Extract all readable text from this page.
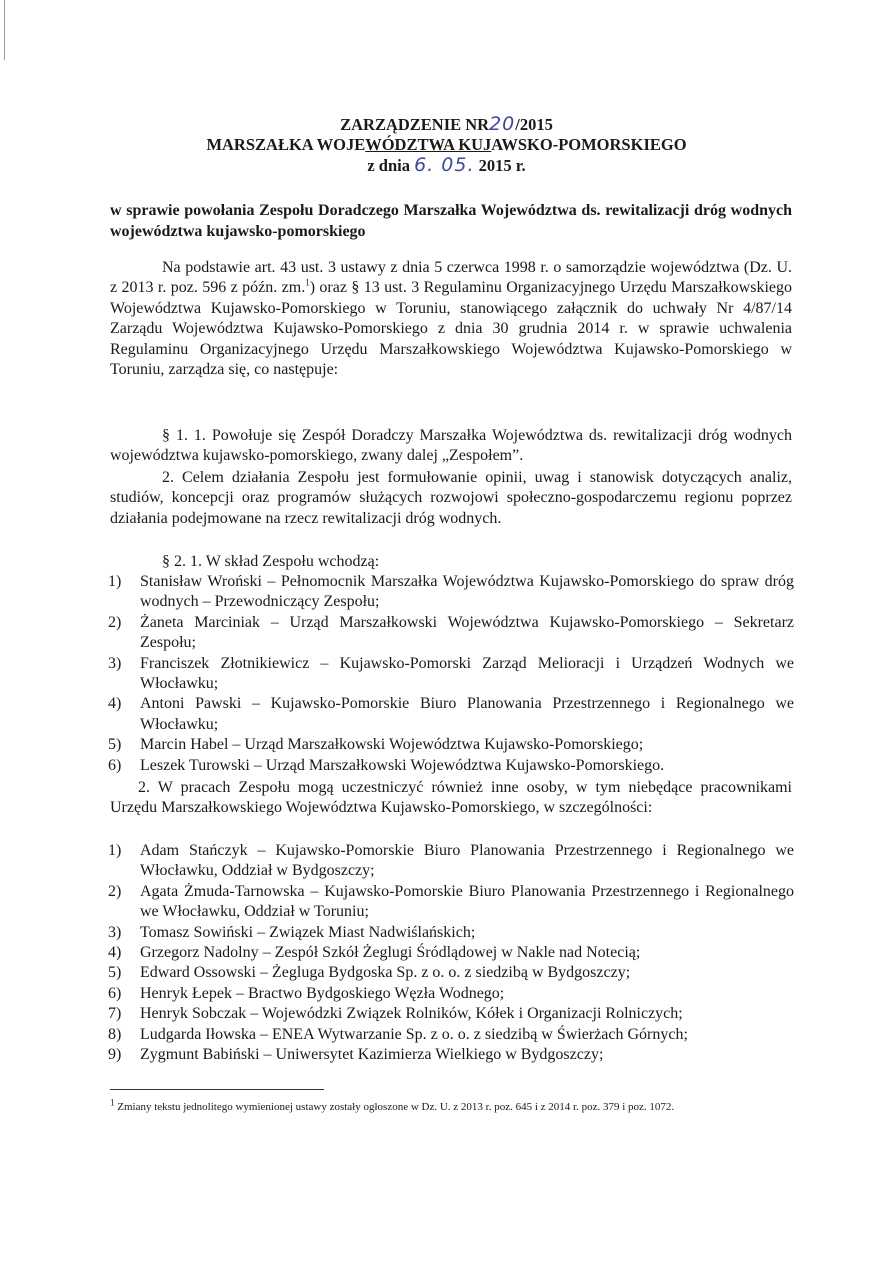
ZARZĄDZENIE NR20/2015
MARSZAŁKA WOJEWÓDZTWA KUJAWSKO-POMORSKIEGO
z dnia 6. 05. 2015 r.
w sprawie powołania Zespołu Doradczego Marszałka Województwa ds. rewitalizacji dróg wodnych województwa kujawsko-pomorskiego

Na podstawie art. 43 ust. 3 ustawy z dnia 5 czerwca 1998 r. o samorządzie województwa (Dz. U. z 2013 r. poz. 596 z późn. zm.$^1$) oraz § 13 ust. 3 Regulaminu Organizacyjnego Urzędu Marszałkowskiego Województwa Kujawsko-Pomorskiego w Toruniu, stanowiącego załącznik do uchwały Nr 4/87/14 Zarządu Województwa Kujawsko-Pomorskiego z dnia 30 grudnia 2014 r. w sprawie uchwalenia Regulaminu Organizacyjnego Urzędu Marszałkowskiego Województwa Kujawsko-Pomorskiego w Toruniu, zarządza się, co następuje:

§ 1. 1. Powołuje się Zespół Doradczy Marszałka Województwa ds. rewitalizacji dróg wodnych województwa kujawsko-pomorskiego, zwany dalej „Zespołem”.

2. Celem działania Zespołu jest formułowanie opinii, uwag i stanowisk dotyczących analiz, studiów, koncepcji oraz programów służących rozwojowi społeczno-gospodarczemu regionu poprzez działania podejmowane na rzecz rewitalizacji dróg wodnych.

§ 2. 1. W skład Zespołu wchodzą:

1) Stanisław Wroński – Pełnomocnik Marszałka Województwa Kujawsko-Pomorskiego do spraw dróg wodnych – Przewodniczący Zespołu;
2) Żaneta Marciniak – Urząd Marszałkowski Województwa Kujawsko-Pomorskiego – Sekretarz Zespołu;
3) Franciszek Złotnikiewicz – Kujawsko-Pomorski Zarząd Melioracji i Urządzeń Wodnych we Włocławku;
4) Antoni Pawski – Kujawsko-Pomorskie Biuro Planowania Przestrzennego i Regionalnego we Włocławku;
5) Marcin Habel – Urząd Marszałkowski Województwa Kujawsko-Pomorskiego;
6) Leszek Turowski – Urząd Marszałkowski Województwa Kujawsko-Pomorskiego.

2. W pracach Zespołu mogą uczestniczyć również inne osoby, w tym niebędące pracownikami Urzędu Marszałkowskiego Województwa Kujawsko-Pomorskiego, w szczególności:

1) Adam Stańczyk – Kujawsko-Pomorskie Biuro Planowania Przestrzennego i Regionalnego we Włocławku, Oddział w Bydgoszczy;
2) Agata Żmuda-Tarnowska – Kujawsko-Pomorskie Biuro Planowania Przestrzennego i Regionalnego we Włocławku, Oddział w Toruniu;
3) Tomasz Sowiński – Związek Miast Nadwiślańskich;
4) Grzegorz Nadolny – Zespół Szkół Żeglugi Śródlądowej w Nakle nad Notecią;
5) Edward Ossowski – Żegluga Bydgoska Sp. z o. o. z siedzibą w Bydgoszczy;
6) Henryk Łepek – Bractwo Bydgoskiego Węzła Wodnego;
7) Henryk Sobczak – Wojewódzki Związek Rolników, Kółek i Organizacji Rolniczych;
8) Ludgarda Iłowska – ENEA Wytwarzanie Sp. z o. o. z siedzibą w Świerżach Górnych;
9) Zygmunt Babiński – Uniwersytet Kazimierza Wielkiego w Bydgoszczy;
$^1$ Zmiany tekstu jednolitego wymienionej ustawy zostały ogłoszone w Dz. U. z 2013 r. poz. 645 i z 2014 r. poz. 379 i poz. 1072.
